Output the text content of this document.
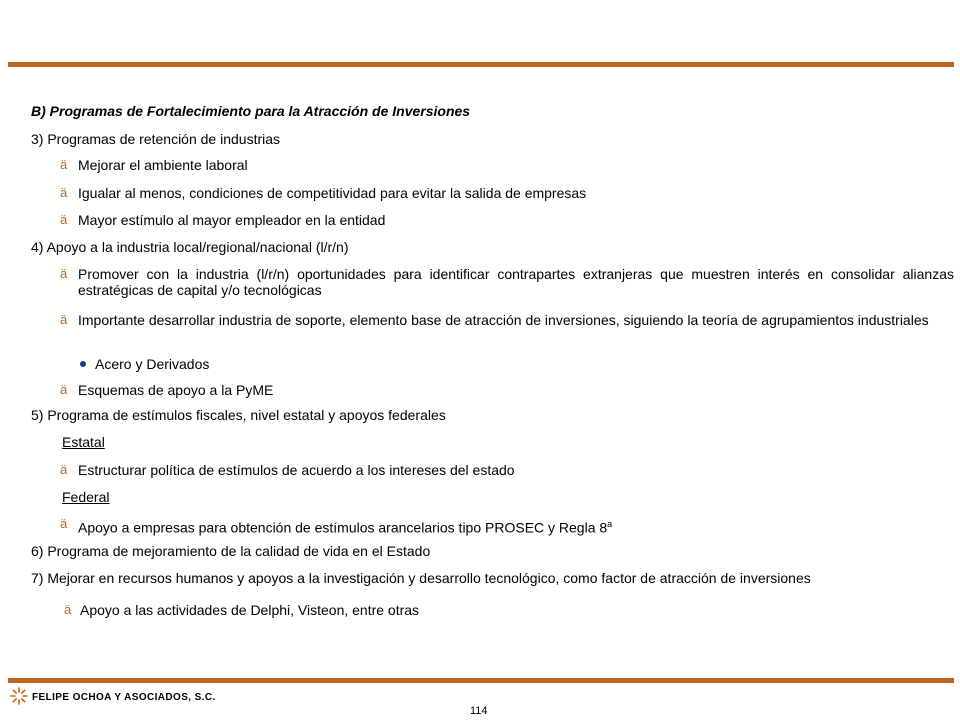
B) Programas de Fortalecimiento para la Atracción de Inversiones
3) Programas de retención de industrias
ä Mejorar el ambiente laboral
ä Igualar al menos, condiciones de competitividad para evitar la salida de empresas
ä Mayor estímulo al mayor empleador en la entidad
4) Apoyo a la industria local/regional/nacional (l/r/n)
ä Promover con la industria (l/r/n) oportunidades para identificar contrapartes extranjeras que muestren interés en consolidar alianzas estratégicas de capital y/o tecnológicas
ä Importante desarrollar industria de soporte, elemento base de atracción de inversiones, siguiendo la teoría de agrupamientos industriales
Acero y Derivados
ä Esquemas de apoyo a la PyME
5) Programa de estímulos fiscales, nivel estatal y apoyos federales
Estatal
ä Estructurar política de estímulos de acuerdo a los intereses del estado
Federal
ä Apoyo a empresas para obtención de estímulos arancelarios tipo PROSEC y Regla 8$^a$
6) Programa de mejoramiento de la calidad de vida en el Estado
7) Mejorar en recursos humanos y apoyos a la investigación y desarrollo tecnológico, como factor de atracción de inversiones
ä Apoyo a las actividades de Delphi, Visteon, entre otras
FELIPE OCHOA Y ASOCIADOS, S.C.
114
